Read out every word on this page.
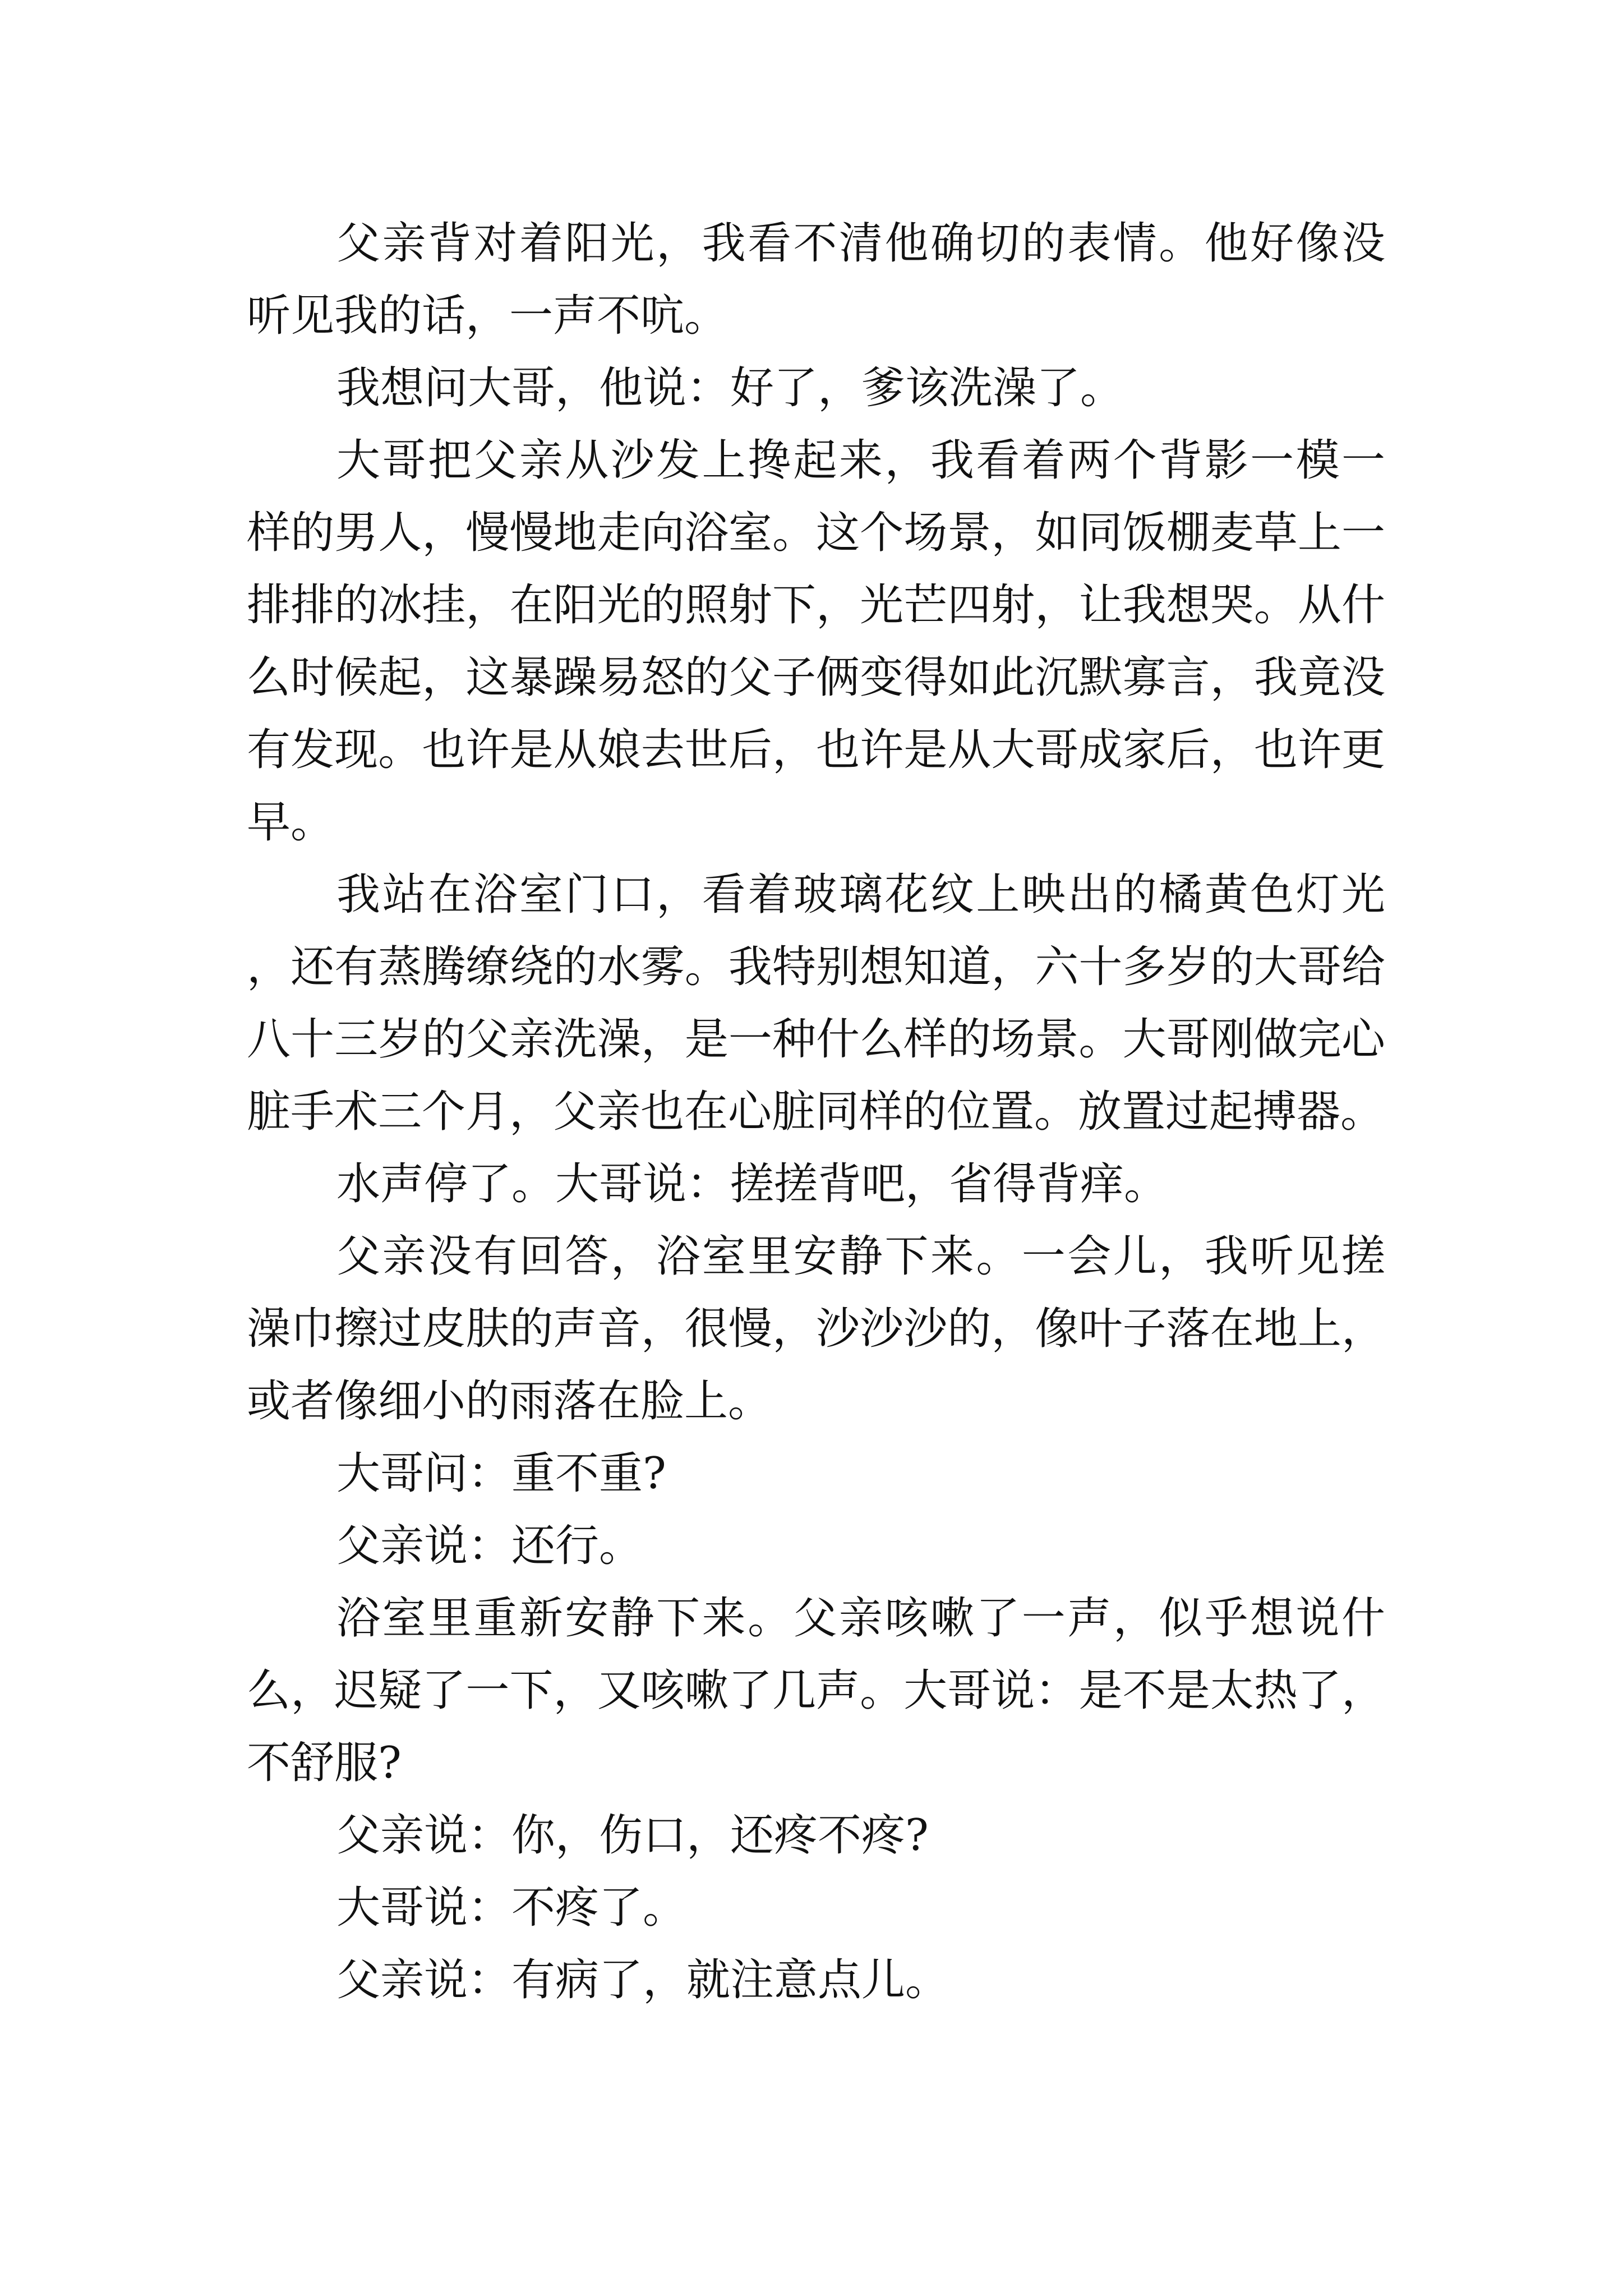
父亲背对着阳光，我看不清他确切的表情。他好像没听见我的话，一声不吭。

我想问大哥，他说：好了，爹该洗澡了。

大哥把父亲从沙发上搀起来，我看着两个背影一模一样的男人，慢慢地走向浴室。这个场景，如同饭棚麦草上一排排的冰挂，在阳光的照射下，光芒四射，让我想哭。从什么时候起，这暴躁易怒的父子俩变得如此沉默寡言，我竟没有发现。也许是从娘去世后，也许是从大哥成家后，也许更早。

我站在浴室门口，看着玻璃花纹上映出的橘黄色灯光，还有蒸腾缭绕的水雾。我特别想知道，六十多岁的大哥给八十三岁的父亲洗澡，是一种什么样的场景。大哥刚做完心脏手术三个月，父亲也在心脏同样的位置。放置过起搏器。

水声停了。大哥说：搓搓背吧，省得背痒。

父亲没有回答，浴室里安静下来。一会儿，我听见搓澡巾擦过皮肤的声音，很慢，沙沙沙的，像叶子落在地上，或者像细小的雨落在脸上。

大哥问：重不重?

父亲说：还行。

浴室里重新安静下来。父亲咳嗽了一声，似乎想说什么，迟疑了一下，又咳嗽了几声。大哥说：是不是太热了，不舒服?

父亲说：你，伤口，还疼不疼?

大哥说：不疼了。

父亲说：有病了，就注意点儿。
